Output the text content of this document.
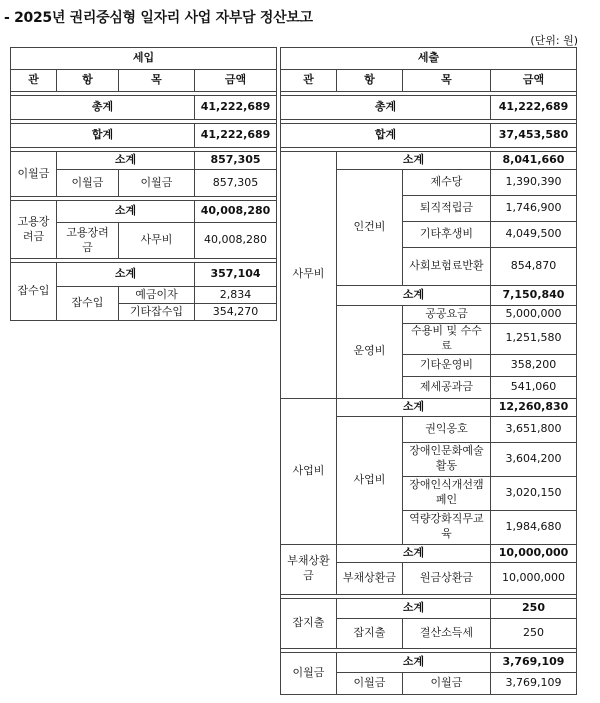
- 2025년 권리중심형 일자리 사업 자부담 정산보고
(단위: 원)
세입			
관	항	목	금액

총계			41,222,689

합계			41,222,689

이월금	소계		857,305
	이월금	이월금	857,305

고용장려금	소계		40,008,280
	고용장려금	사무비	40,008,280

잡수입	소계		357,104
	잡수입	예금이자	2,834
		기타잡수입	354,270
세출			
관	항	목	금액

총계			41,222,689

합계			37,453,580

사무비	소계		8,041,660
	인건비	제수당	1,390,390
		퇴직적립금	1,746,900
		기타후생비	4,049,500
		사회보험료반환	854,870
	소계		7,150,840
	운영비	공공요금	5,000,000
		수용비 및 수수료	1,251,580
		기타운영비	358,200
		제세공과금	541,060

사업비	소계		12,260,830
	사업비	권익옹호	3,651,800
		장애인문화예술활동	3,604,200
		장애인식개선캠페인	3,020,150
		역량강화직무교육	1,984,680
부채상환금	소계		10,000,000
	부채상환금	원금상환금	10,000,000

잡지출	소계		250
	잡지출	결산소득세	250

이월금	소계		3,769,109
	이월금	이월금	3,769,109
